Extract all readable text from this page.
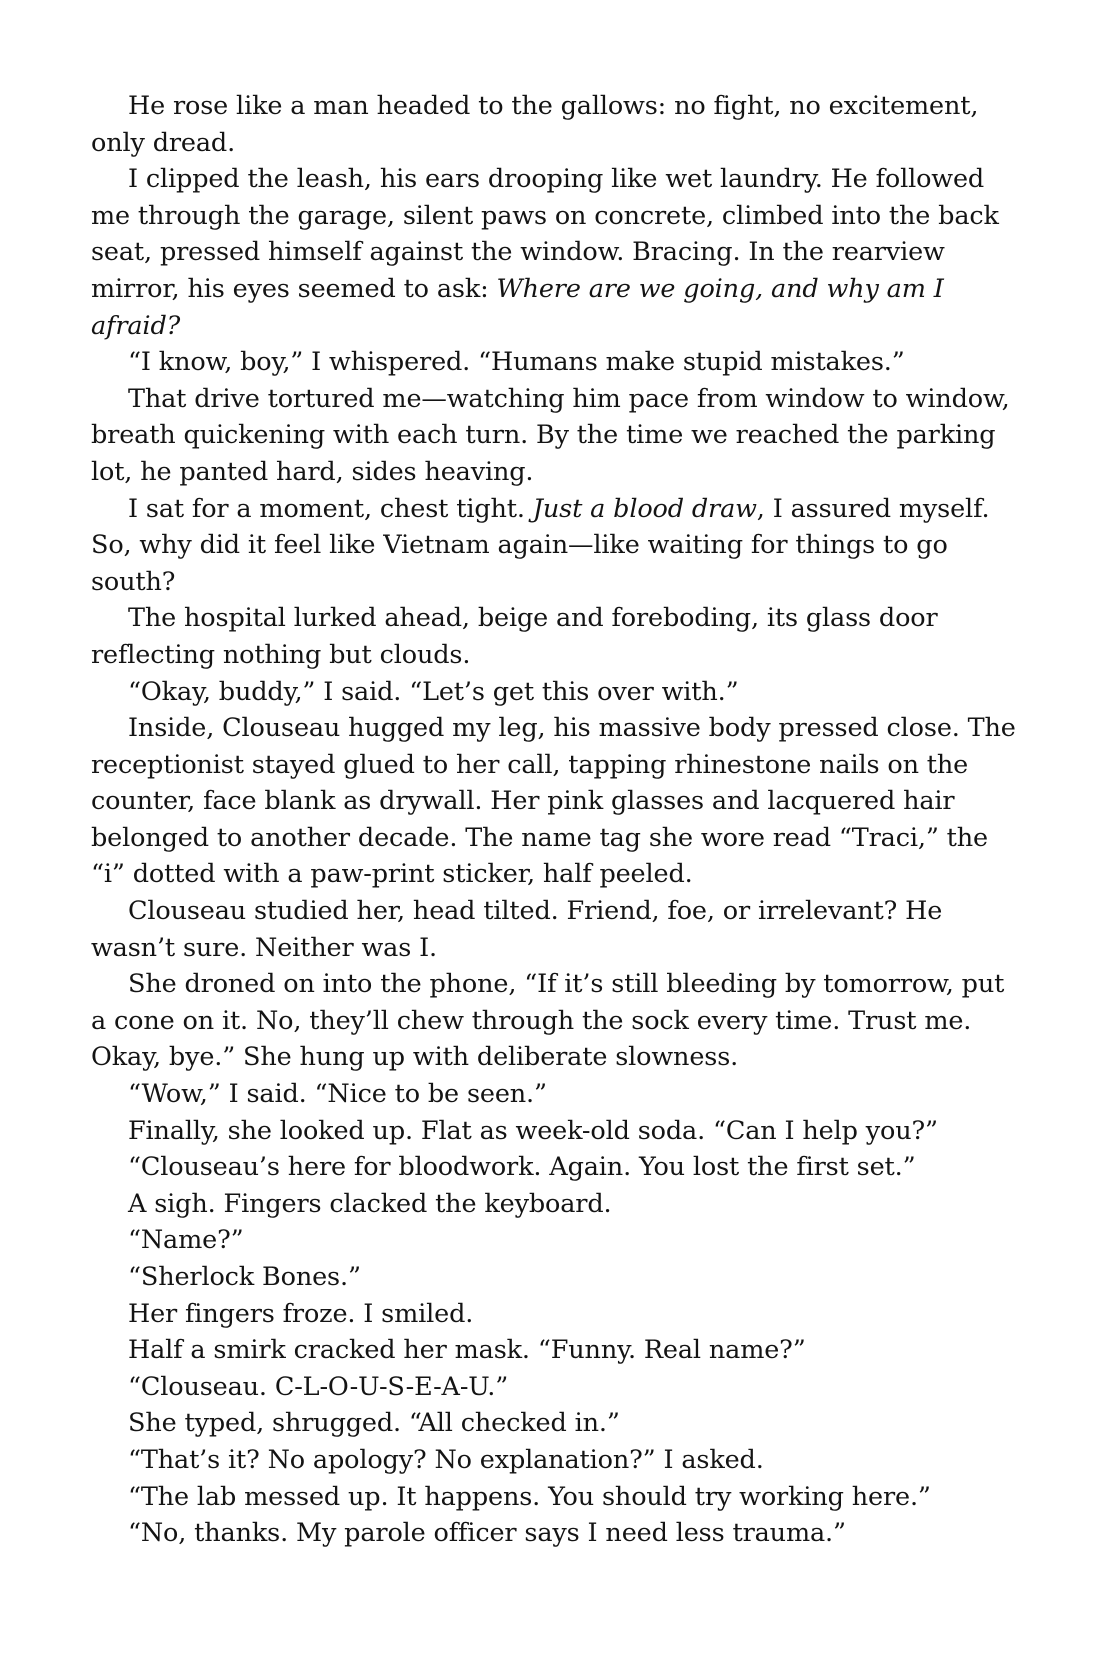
He rose like a man headed to the gallows: no fight, no excitement, only dread.

I clipped the leash, his ears drooping like wet laundry. He followed me through the garage, silent paws on concrete, climbed into the back seat, pressed himself against the window. Bracing. In the rearview mirror, his eyes seemed to ask: Where are we going, and why am I afraid?

“I know, boy,” I whispered. “Humans make stupid mistakes.”

That drive tortured me—watching him pace from window to window, breath quickening with each turn. By the time we reached the parking lot, he panted hard, sides heaving.

I sat for a moment, chest tight. Just a blood draw, I assured myself. So, why did it feel like Vietnam again—like waiting for things to go south?

The hospital lurked ahead, beige and foreboding, its glass door reflecting nothing but clouds.

“Okay, buddy,” I said. “Let’s get this over with.”

Inside, Clouseau hugged my leg, his massive body pressed close. The receptionist stayed glued to her call, tapping rhinestone nails on the counter, face blank as drywall. Her pink glasses and lacquered hair belonged to another decade. The name tag she wore read “Traci,” the “i” dotted with a paw-print sticker, half peeled.

Clouseau studied her, head tilted. Friend, foe, or irrelevant? He wasn’t sure. Neither was I.

She droned on into the phone, “If it’s still bleeding by tomorrow, put a cone on it. No, they’ll chew through the sock every time. Trust me. Okay, bye.” She hung up with deliberate slowness.

“Wow,” I said. “Nice to be seen.”

Finally, she looked up. Flat as week-old soda. “Can I help you?”

“Clouseau’s here for bloodwork. Again. You lost the first set.”

A sigh. Fingers clacked the keyboard.

“Name?”

“Sherlock Bones.”

Her fingers froze. I smiled.

Half a smirk cracked her mask. “Funny. Real name?”

“Clouseau. C-L-O-U-S-E-A-U.”

She typed, shrugged. “All checked in.”

“That’s it? No apology? No explanation?” I asked.

“The lab messed up. It happens. You should try working here.”

“No, thanks. My parole officer says I need less trauma.”
